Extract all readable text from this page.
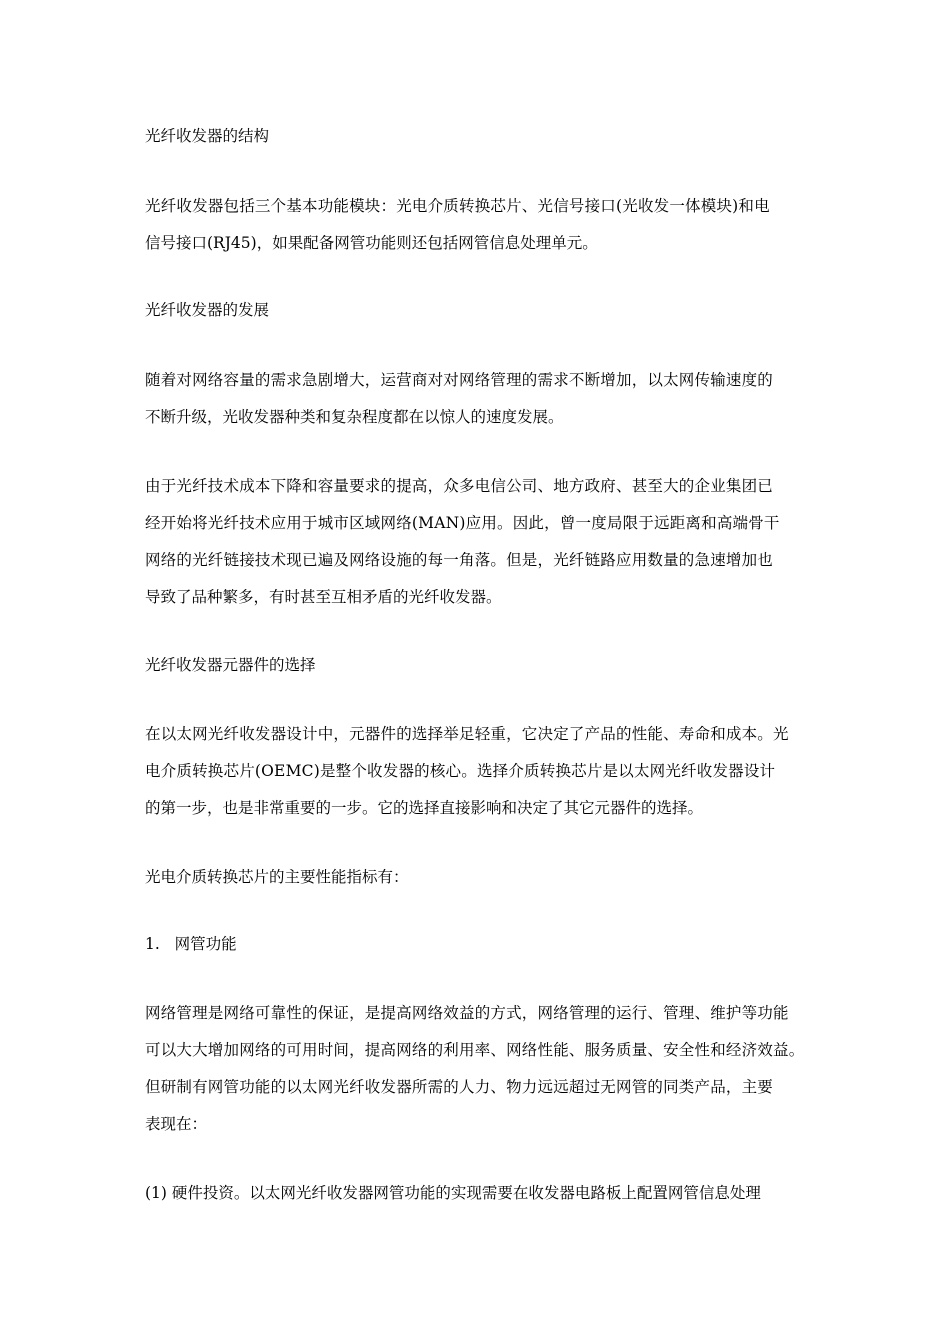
光纤收发器的结构
光纤收发器包括三个基本功能模块：光电介质转换芯片、光信号接口(光收发一体模块)和电
信号接口(RJ45)，如果配备网管功能则还包括网管信息处理单元。
光纤收发器的发展
随着对网络容量的需求急剧增大，运营商对对网络管理的需求不断增加，以太网传输速度的
不断升级，光收发器种类和复杂程度都在以惊人的速度发展。
由于光纤技术成本下降和容量要求的提高，众多电信公司、地方政府、甚至大的企业集团已
经开始将光纤技术应用于城市区域网络(MAN)应用。因此，曾一度局限于远距离和高端骨干
网络的光纤链接技术现已遍及网络设施的每一角落。但是，光纤链路应用数量的急速增加也
导致了品种繁多，有时甚至互相矛盾的光纤收发器。
光纤收发器元器件的选择
在以太网光纤收发器设计中，元器件的选择举足轻重，它决定了产品的性能、寿命和成本。光
电介质转换芯片(OEMC)是整个收发器的核心。选择介质转换芯片是以太网光纤收发器设计
的第一步，也是非常重要的一步。它的选择直接影响和决定了其它元器件的选择。
光电介质转换芯片的主要性能指标有：
1.   网管功能
网络管理是网络可靠性的保证，是提高网络效益的方式，网络管理的运行、管理、维护等功能
可以大大增加网络的可用时间，提高网络的利用率、网络性能、服务质量、安全性和经济效益。
但研制有网管功能的以太网光纤收发器所需的人力、物力远远超过无网管的同类产品，主要
表现在：
(1) 硬件投资。以太网光纤收发器网管功能的实现需要在收发器电路板上配置网管信息处理
